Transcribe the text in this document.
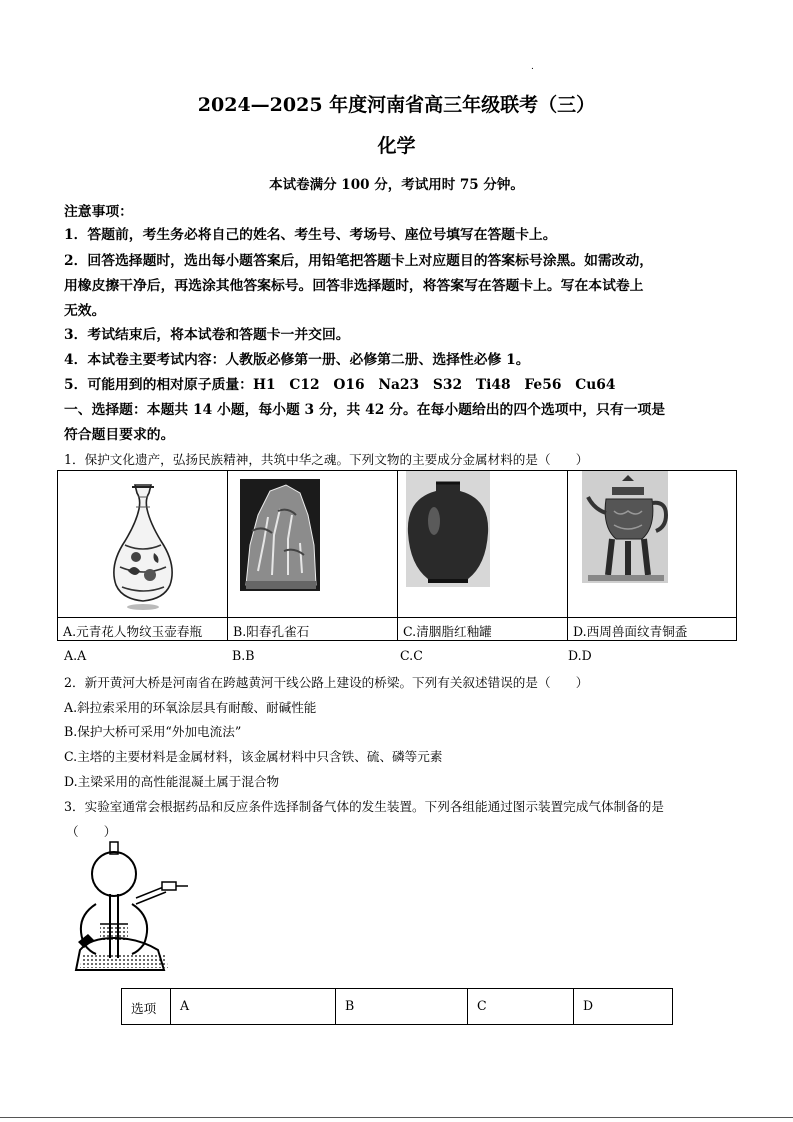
.
2024—2025 年度河南省高三年级联考（三）
化学
本试卷满分 100 分，考试用时 75 分钟。
注意事项：
1．答题前，考生务必将自己的姓名、考生号、考场号、座位号填写在答题卡上。
2．回答选择题时，选出每小题答案后，用铅笔把答题卡上对应题目的答案标号涂黑。如需改动，
用橡皮擦干净后，再选涂其他答案标号。回答非选择题时，将答案写在答题卡上。写在本试卷上
无效。
3．考试结束后，将本试卷和答题卡一并交回。
4．本试卷主要考试内容：人教版必修第一册、必修第二册、选择性必修 1。
5．可能用到的相对原子质量：H1　C12　O16　Na23　S32　Ti48　Fe56　Cu64
一、选择题：本题共 14 小题，每小题 3 分，共 42 分。在每小题给出的四个选项中，只有一项是
符合题目要求的。
1．保护文化遗产，弘扬民族精神，共筑中华之魂。下列文物的主要成分金属材料的是（　　）
A.元青花人物纹玉壶春瓶	B.阳春孔雀石	C.清胭脂红釉罐	D.西周兽面纹青铜盉
A.A	B.B	C.C	D.D
2．新开黄河大桥是河南省在跨越黄河干线公路上建设的桥梁。下列有关叙述错误的是（　　）
A.斜拉索采用的环氧涂层具有耐酸、耐碱性能
B.保护大桥可采用“外加电流法”
C.主塔的主要材料是金属材料，该金属材料中只含铁、硫、磷等元素
D.主梁采用的高性能混凝土属于混合物
3．实验室通常会根据药品和反应条件选择制备气体的发生装置。下列各组能通过图示装置完成气体制备的是
（　　）
选项	A	B	C	D
